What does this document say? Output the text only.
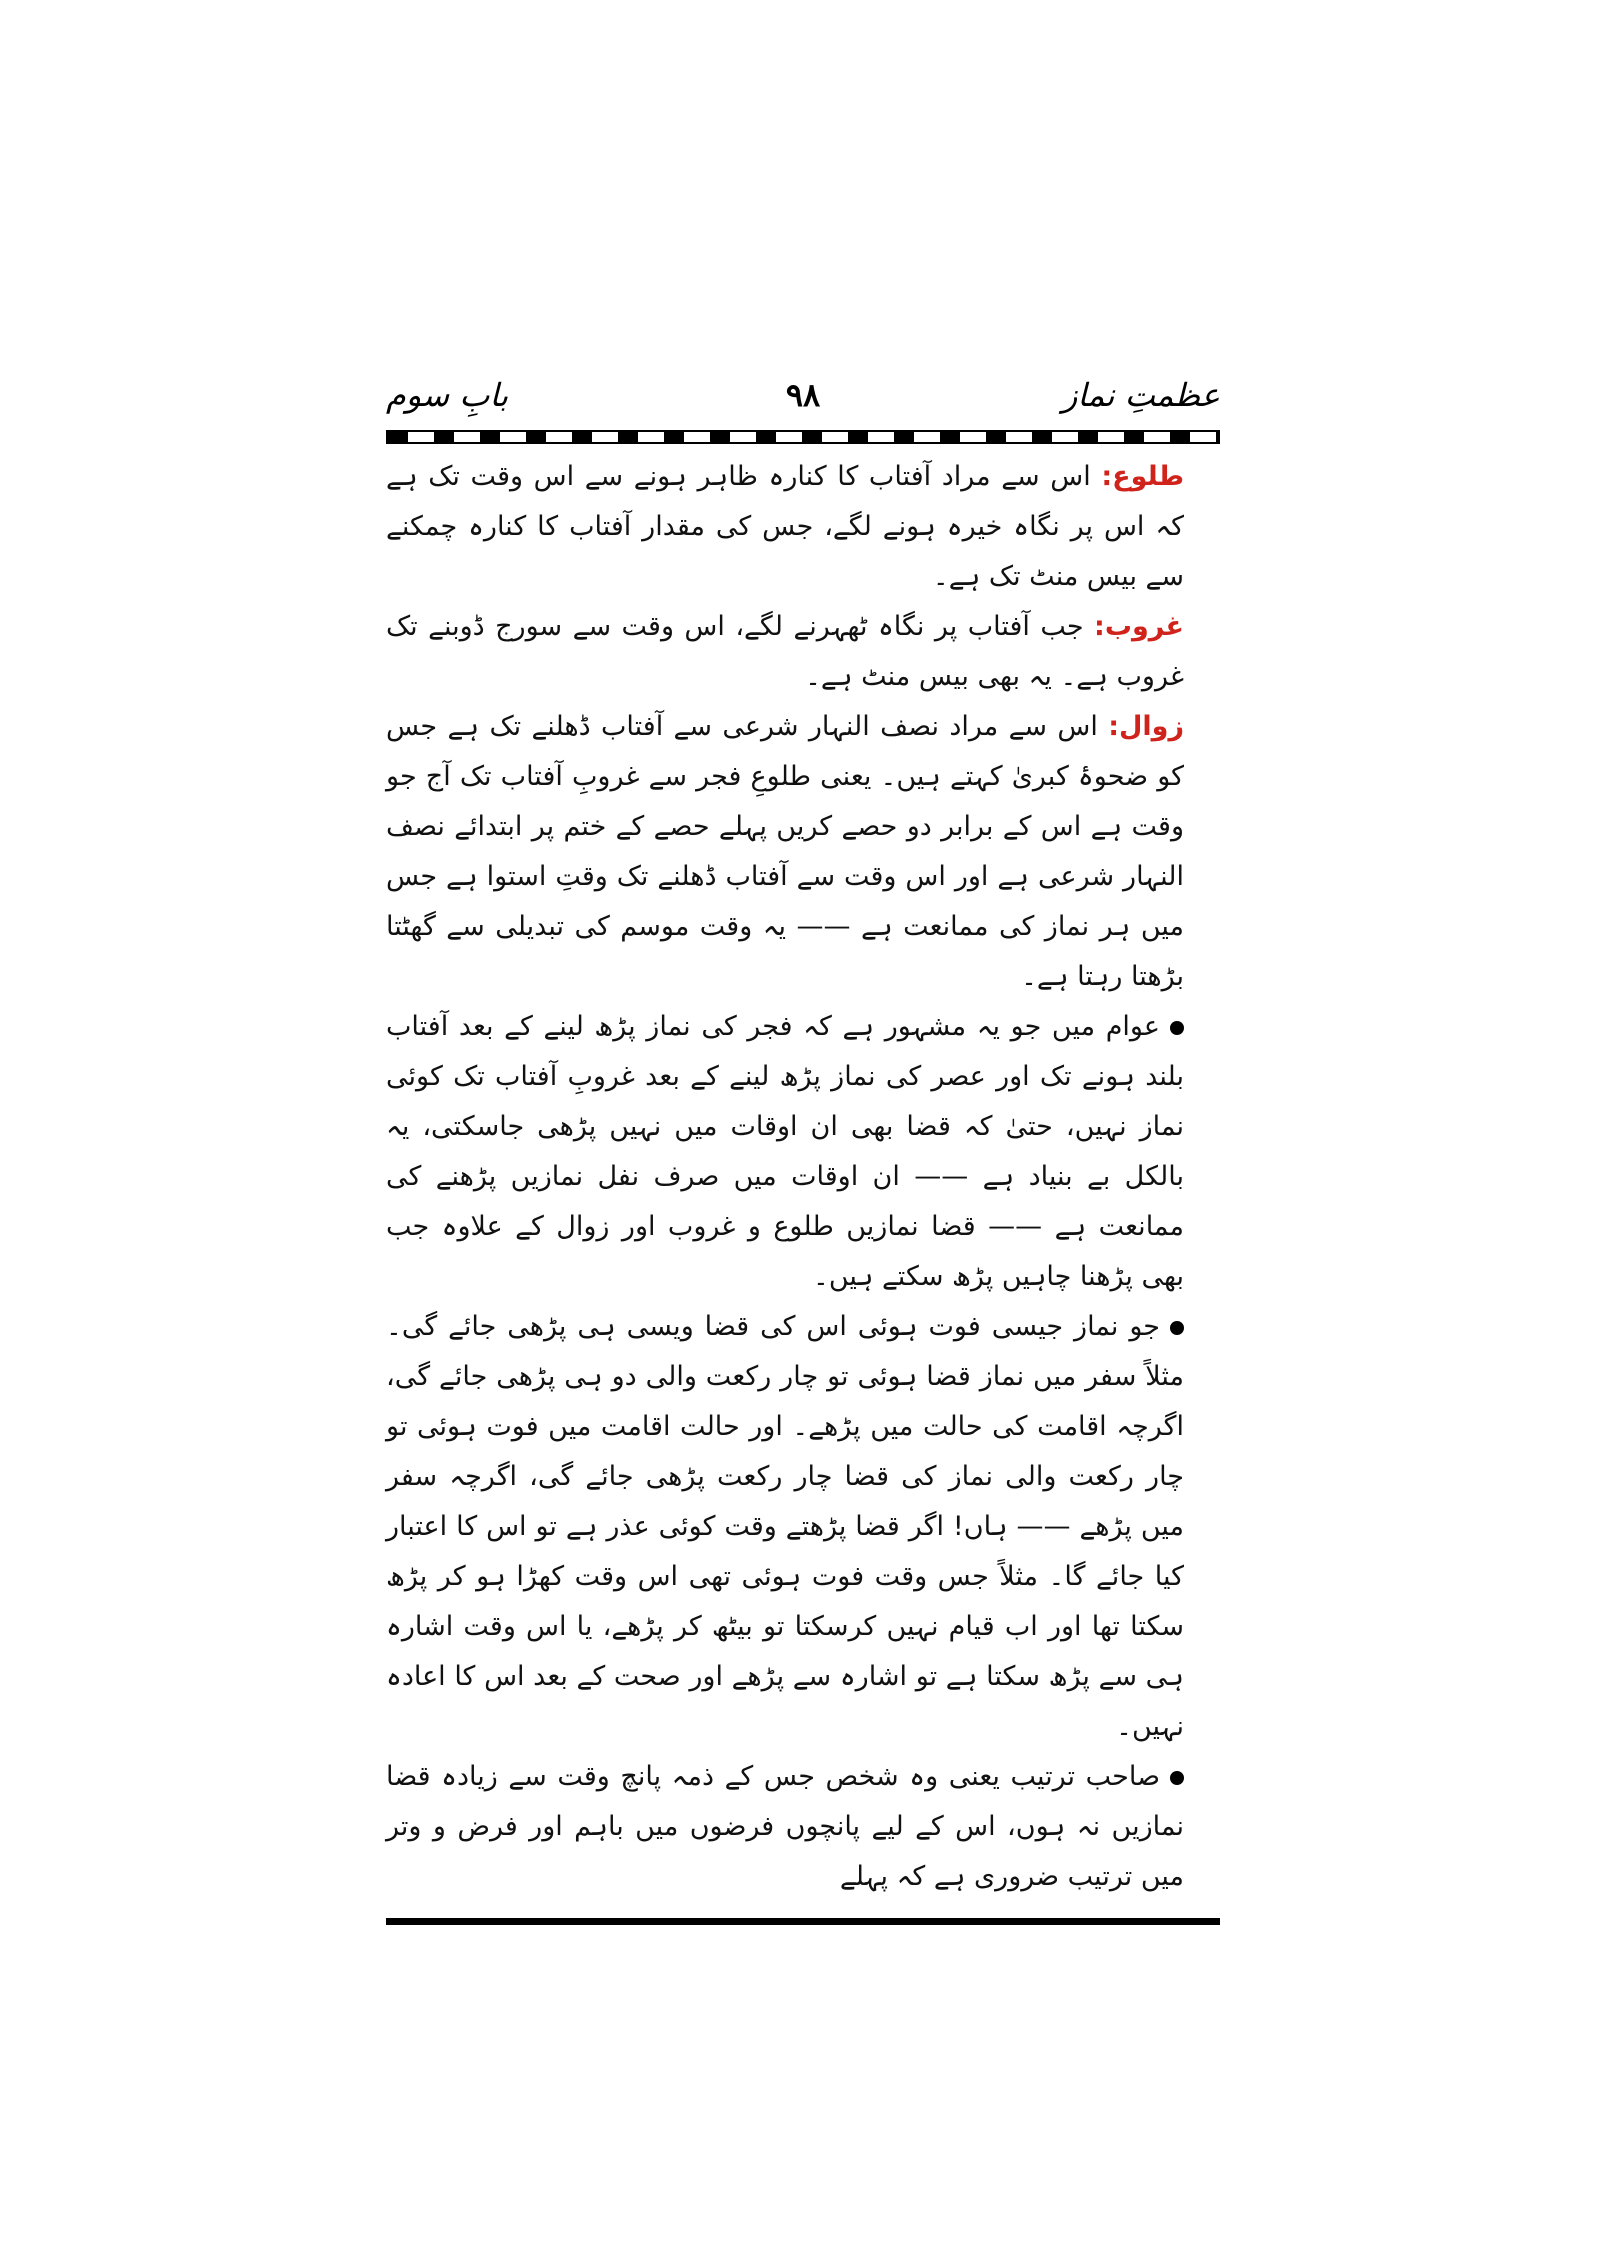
عظمتِ نماز
۹۸
بابِ سوم

طلوع: اس سے مراد آفتاب کا کنارہ ظاہر ہونے سے اس وقت تک ہے کہ اس پر نگاہ خیرہ ہونے لگے، جس کی مقدار آفتاب کا کنارہ چمکنے سے بیس منٹ تک ہے۔

غروب: جب آفتاب پر نگاہ ٹھہرنے لگے، اس وقت سے سورج ڈوبنے تک غروب ہے۔ یہ بھی بیس منٹ ہے۔

زوال: اس سے مراد نصف النہار شرعی سے آفتاب ڈھلنے تک ہے جس کو ضحوۂ کبریٰ کہتے ہیں۔ یعنی طلوعِ فجر سے غروبِ آفتاب تک آج جو وقت ہے اس کے برابر دو حصے کریں پہلے حصے کے ختم پر ابتدائے نصف النہار شرعی ہے اور اس وقت سے آفتاب ڈھلنے تک وقتِ استوا ہے جس میں ہر نماز کی ممانعت ہے —— یہ وقت موسم کی تبدیلی سے گھٹتا بڑھتا رہتا ہے۔

عوام میں جو یہ مشہور ہے کہ فجر کی نماز پڑھ لینے کے بعد آفتاب بلند ہونے تک اور عصر کی نماز پڑھ لینے کے بعد غروبِ آفتاب تک کوئی نماز نہیں، حتیٰ کہ قضا بھی ان اوقات میں نہیں پڑھی جاسکتی، یہ بالکل بے بنیاد ہے —— ان اوقات میں صرف نفل نمازیں پڑھنے کی ممانعت ہے —— قضا نمازیں طلوع و غروب اور زوال کے علاوہ جب بھی پڑھنا چاہیں پڑھ سکتے ہیں۔

جو نماز جیسی فوت ہوئی اس کی قضا ویسی ہی پڑھی جائے گی۔ مثلاً سفر میں نماز قضا ہوئی تو چار رکعت والی دو ہی پڑھی جائے گی، اگرچہ اقامت کی حالت میں پڑھے۔ اور حالت اقامت میں فوت ہوئی تو چار رکعت والی نماز کی قضا چار رکعت پڑھی جائے گی، اگرچہ سفر میں پڑھے —— ہاں! اگر قضا پڑھتے وقت کوئی عذر ہے تو اس کا اعتبار کیا جائے گا۔ مثلاً جس وقت فوت ہوئی تھی اس وقت کھڑا ہو کر پڑھ سکتا تھا اور اب قیام نہیں کرسکتا تو بیٹھ کر پڑھے، یا اس وقت اشارہ ہی سے پڑھ سکتا ہے تو اشارہ سے پڑھے اور صحت کے بعد اس کا اعادہ نہیں۔

صاحب ترتیب یعنی وہ شخص جس کے ذمہ پانچ وقت سے زیادہ قضا نمازیں نہ ہوں، اس کے لیے پانچوں فرضوں میں باہم اور فرض و وتر میں ترتیب ضروری ہے کہ پہلے
